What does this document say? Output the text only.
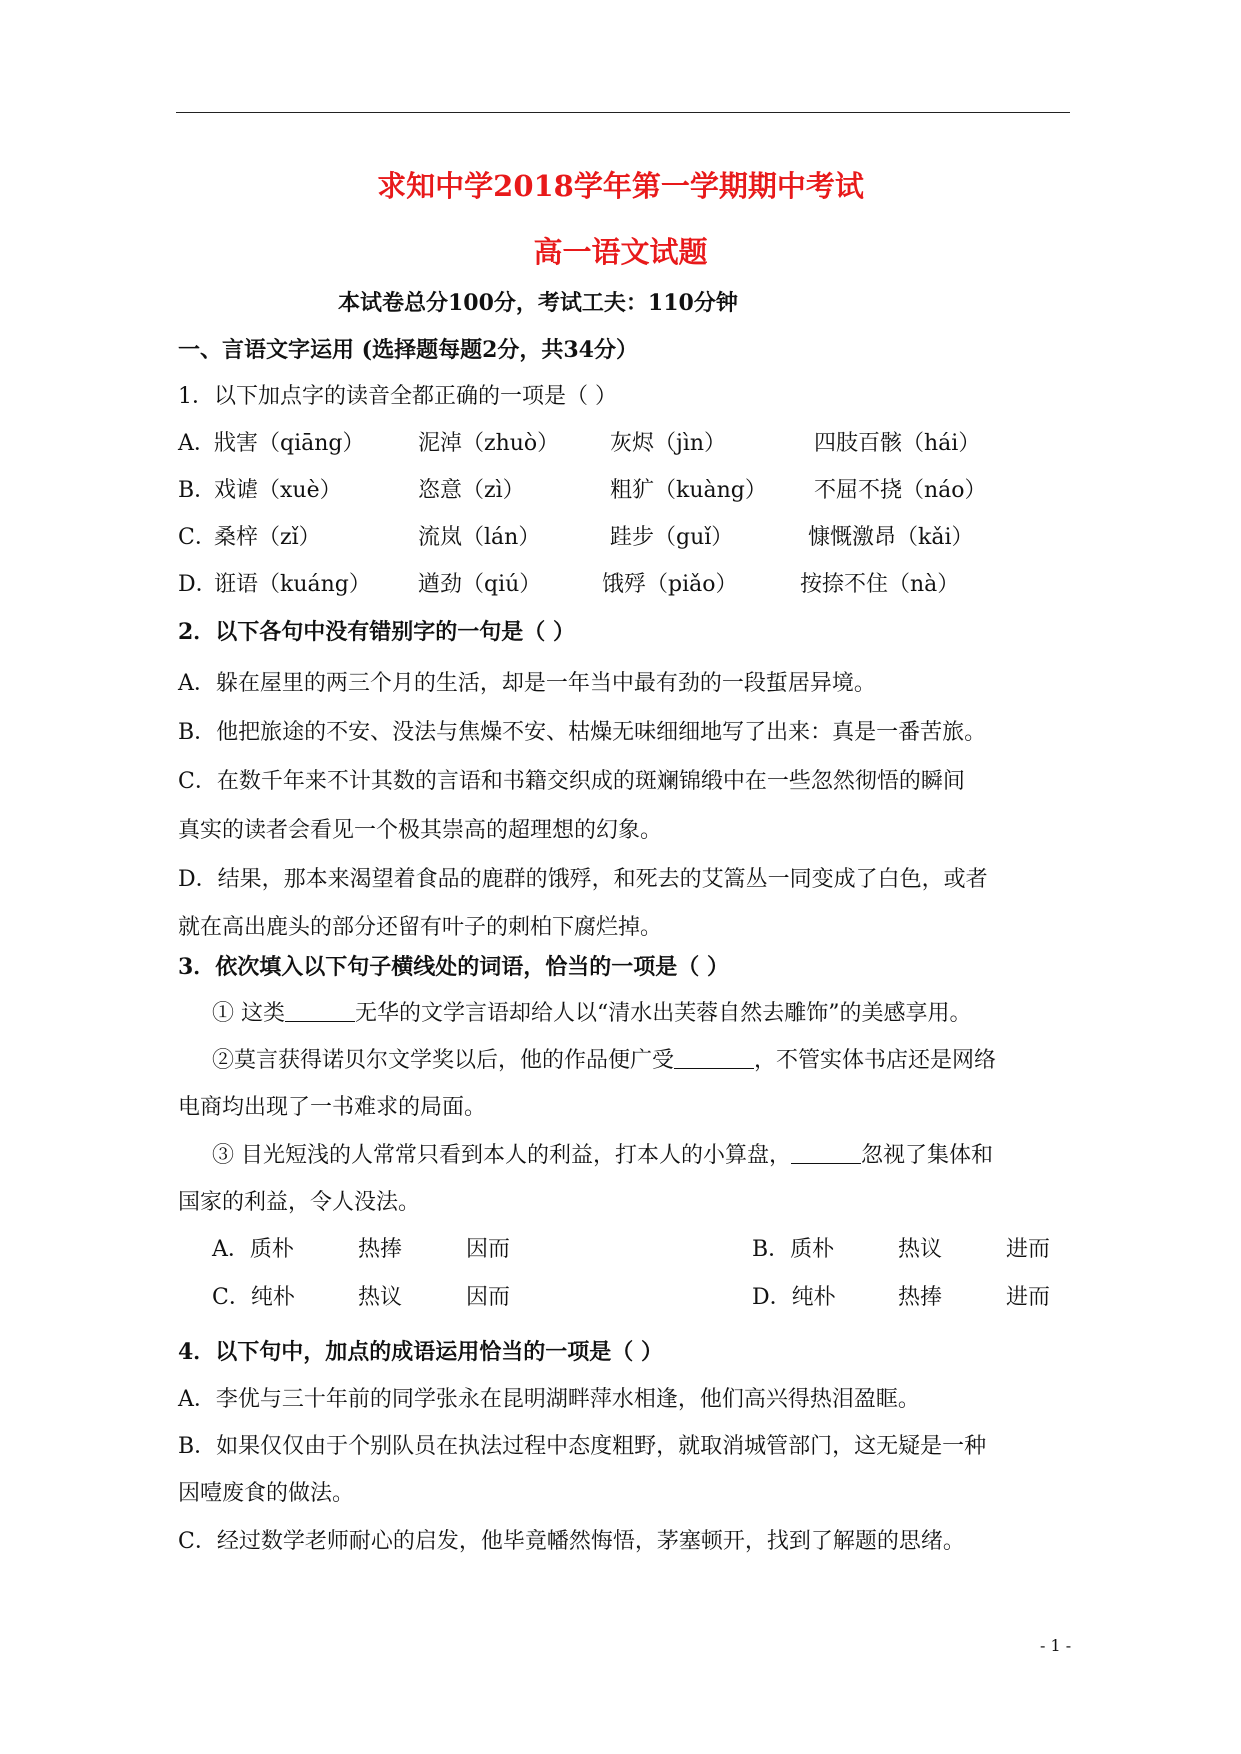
求知中学2018学年第一学期期中考试
高一语文试题
本试卷总分100分，考试工夫：110分钟
一、言语文字运用 (选择题每题2分，共34分）
1．以下加点字的读音全都正确的一项是（ ）
A．
戕害（qiāng） 泥淖（zhuò） 灰烬（jìn）	四肢百骸（hái）
B．
戏谑（xuè）	恣意（zì）	粗犷（kuàng） 不屈不挠（náo）
C．
桑梓（zǐ）	流岚（lán）	跬步（guǐ）	慷慨激昂（kǎi）
D．
诳语（kuáng） 遒劲（qiú）	饿殍（piǎo）	按捺不住（nà）
2．以下各句中没有错别字的一句是（ ）
A．躲在屋里的两三个月的生活，却是一年当中最有劲的一段蜇居异境。
B．他把旅途的不安、没法与焦燥不安、枯燥无味细细地写了出来：真是一番苦旅。
C．在数千年来不计其数的言语和书籍交织成的斑斓锦缎中在一些忽然彻悟的瞬间
真实的读者会看见一个极其崇高的超理想的幻象。
D．结果，那本来渴望着食品的鹿群的饿殍，和死去的艾篙丛一同变成了白色，或者
就在高出鹿头的部分还留有叶子的刺柏下腐烂掉。
3．依次填入以下句子横线处的词语，恰当的一项是（ ）
① 这类	无华的文学言语却给人以“清水出芙蓉自然去雕饰”的美感享用。
②莫言获得诺贝尔文学奖以后，他的作品便广受	，不管实体书店还是网络
电商均出现了一书难求的局面。
③ 目光短浅的人常常只看到本人的利益，打本人的小算盘，	忽视了集体和
国家的利益，令人没法。
A．质朴	热捧	因而	B．质朴	热议	进而
C．纯朴	热议	因而	D．纯朴	热捧	进而
4．以下句中，加点的成语运用恰当的一项是（ ）
A．李优与三十年前的同学张永在昆明湖畔萍水相逢，他们高兴得热泪盈眶。
B．如果仅仅由于个别队员在执法过程中态度粗野，就取消城管部门，这无疑是一种
因噎废食的做法。
C．经过数学老师耐心的启发，他毕竟幡然悔悟，茅塞顿开，找到了解题的思绪。
- 1 -
